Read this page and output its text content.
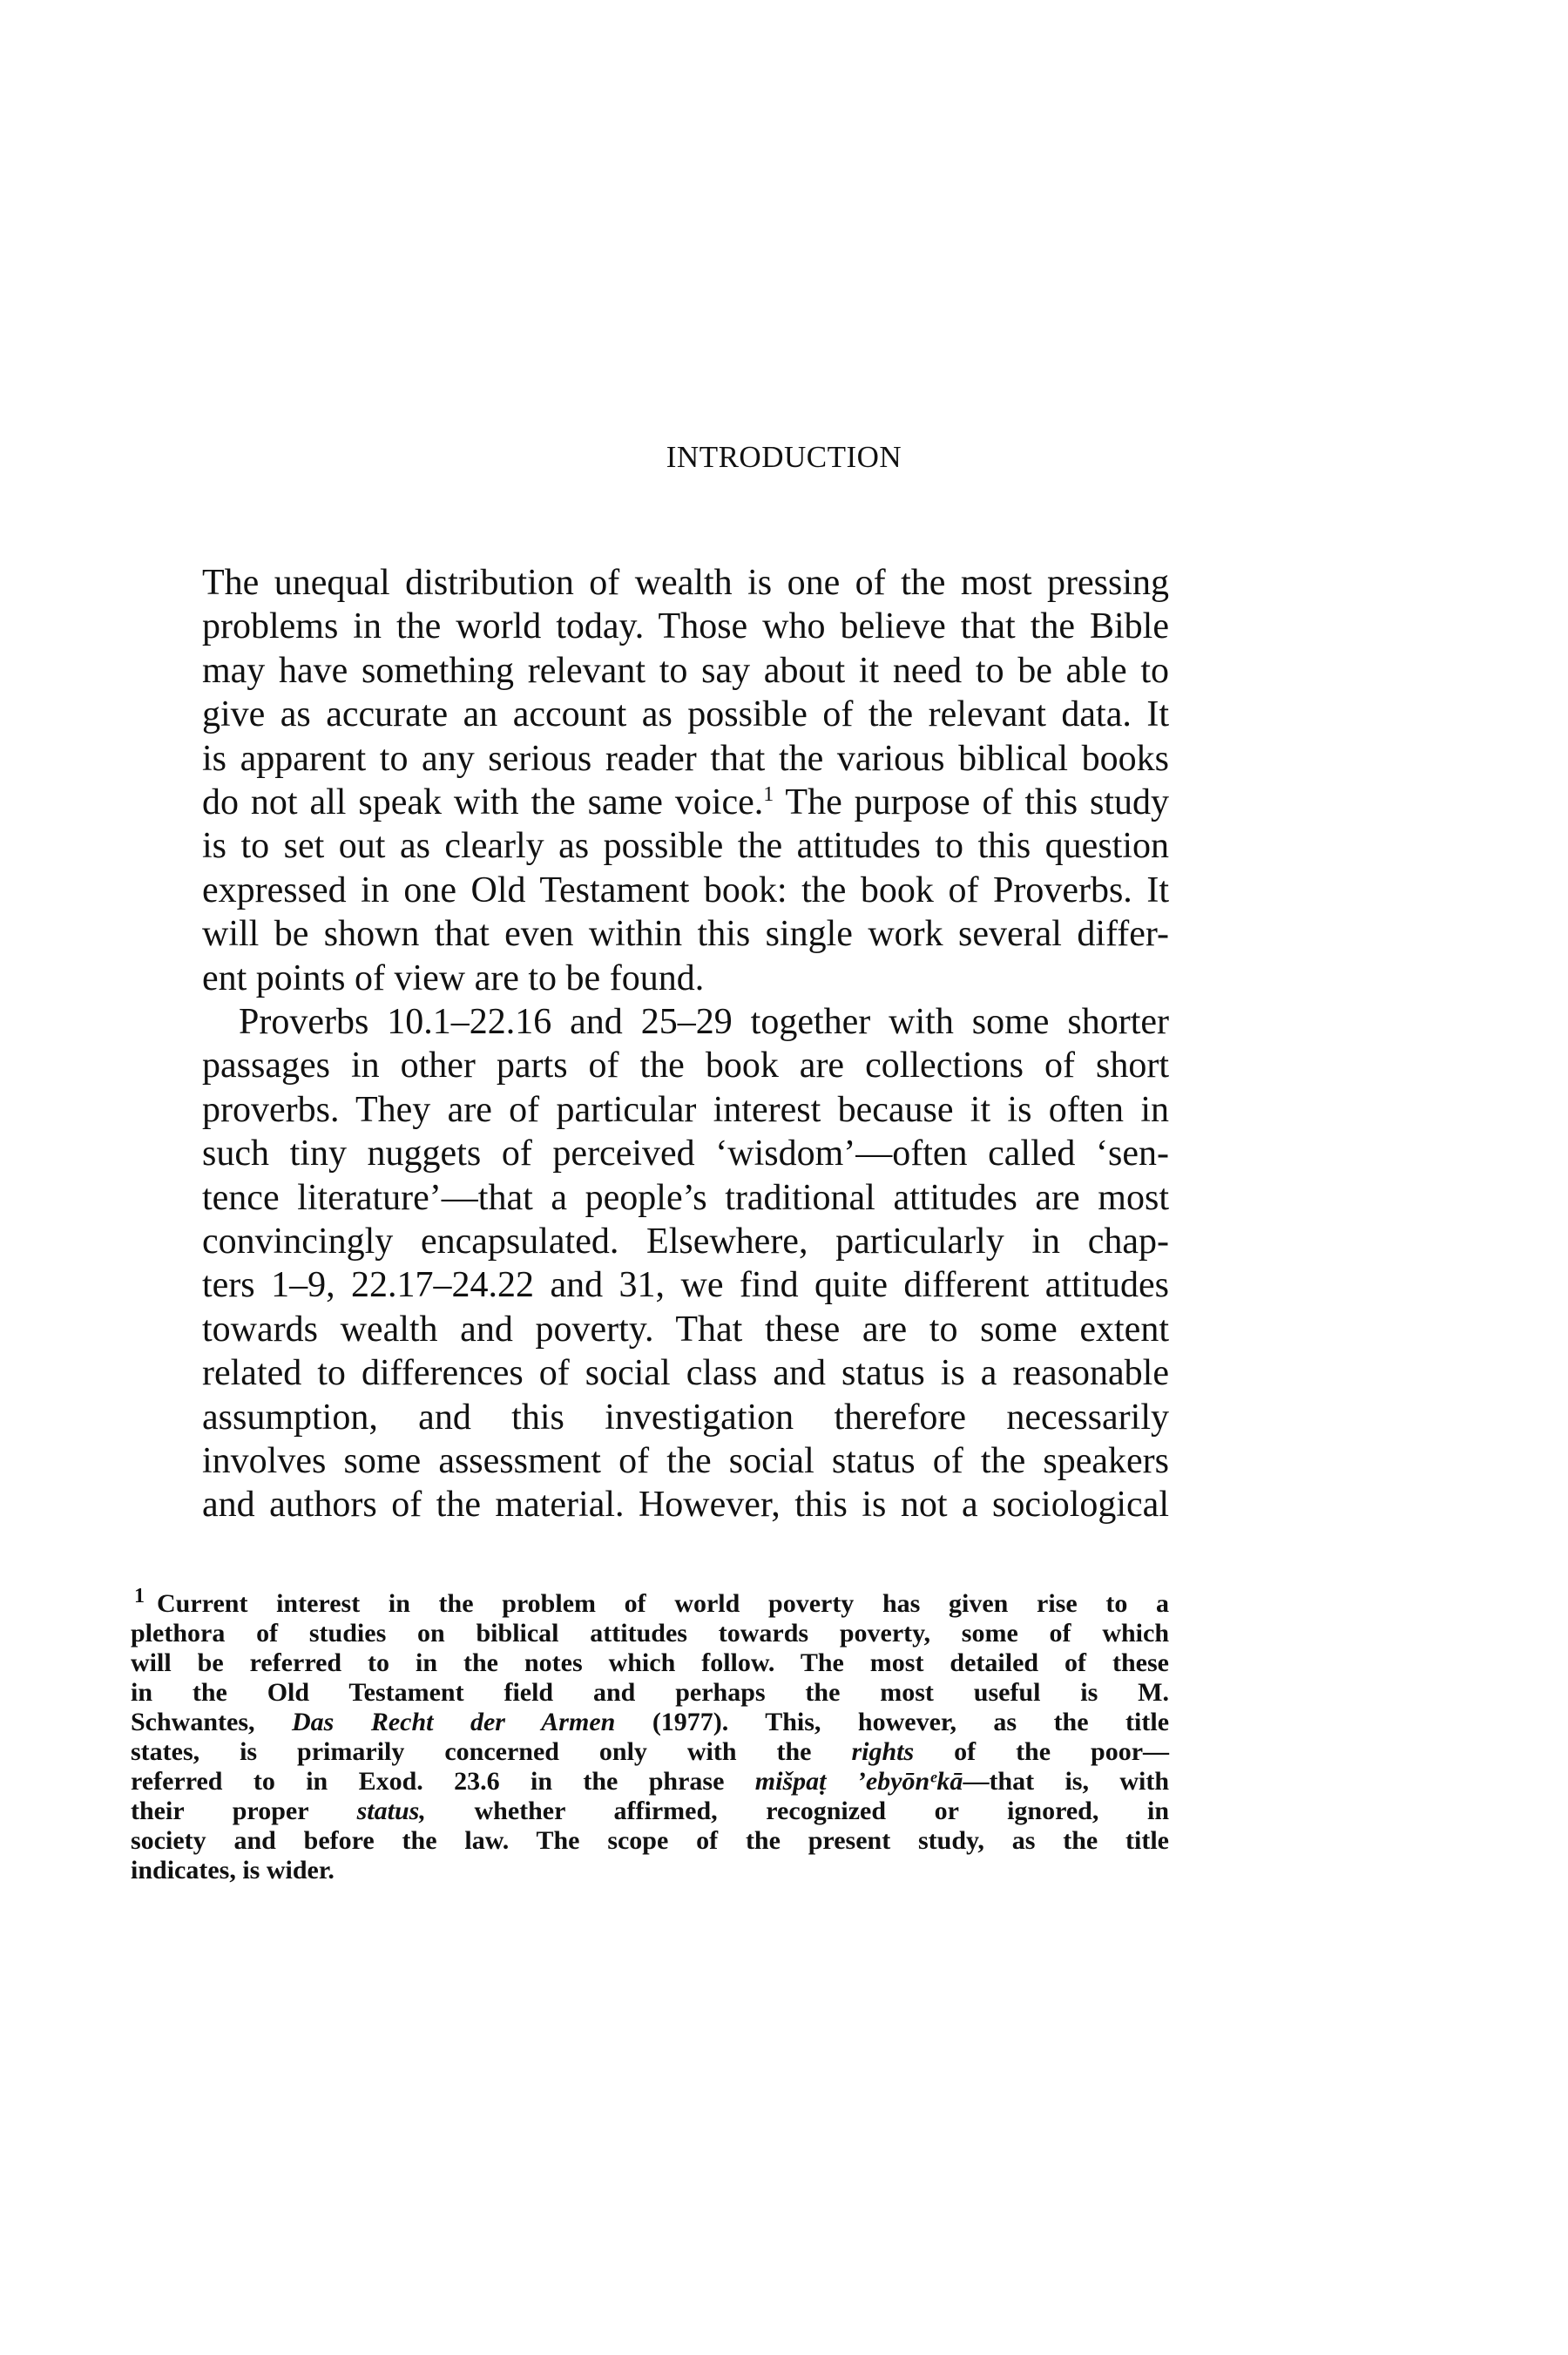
INTRODUCTION
The unequal distribution of wealth is one of the most pressing
problems in the world today. Those who believe that the Bible
may have something relevant to say about it need to be able to
give as accurate an account as possible of the relevant data. It
is apparent to any serious reader that the various biblical books
do not all speak with the same voice.$^1$ The purpose of this study
is to set out as clearly as possible the attitudes to this question
expressed in one Old Testament book: the book of Proverbs. It
will be shown that even within this single work several differ-
ent points of view are to be found.
Proverbs 10.1–22.16 and 25–29 together with some shorter
passages in other parts of the book are collections of short
proverbs. They are of particular interest because it is often in
such tiny nuggets of perceived ‘wisdom’—often called ‘sen-
tence literature’—that a people’s traditional attitudes are most
convincingly encapsulated. Elsewhere, particularly in chap-
ters 1–9, 22.17–24.22 and 31, we find quite different attitudes
towards wealth and poverty. That these are to some extent
related to differences of social class and status is a reasonable
assumption, and this investigation therefore necessarily
involves some assessment of the social status of the speakers
and authors of the material. However, this is not a sociological
$^1$ Current interest in the problem of world poverty has given rise to a
plethora of studies on biblical attitudes towards poverty, some of which
will be referred to in the notes which follow. The most detailed of these
in the Old Testament field and perhaps the most useful is M.
Schwantes, Das Recht der Armen (1977). This, however, as the title
states, is primarily concerned only with the rights of the poor—
referred to in Exod. 23.6 in the phrase mišpaṭ ’ebyōnᵉkā—that is, with
their proper status, whether affirmed, recognized or ignored, in
society and before the law. The scope of the present study, as the title
indicates, is wider.
